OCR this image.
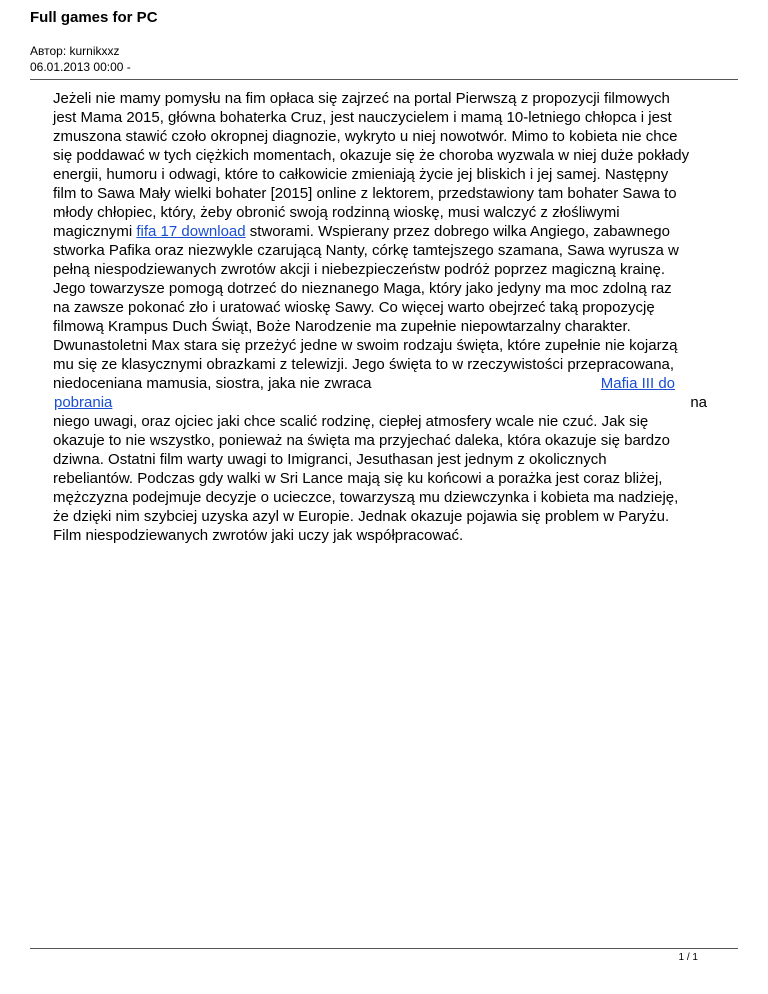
Full games for PC
Автор: kurnikxxz
06.01.2013 00:00 -
Jeżeli nie mamy pomysłu na fim opłaca się zajrzeć na portal Pierwszą z propozycji filmowych
jest Mama 2015, główna bohaterka Cruz, jest nauczycielem i mamą 10-letniego chłopca i jest
zmuszona stawić czoło okropnej diagnozie, wykryto u niej nowotwór. Mimo to kobieta nie chce
się poddawać w tych ciężkich momentach, okazuje się że choroba wyzwala w niej duże pokłady
energii, humoru i odwagi, które to całkowicie zmieniają życie jej bliskich i jej samej. Następny
film to Sawa Mały wielki bohater [2015] online z lektorem, przedstawiony tam bohater Sawa to
młody chłopiec, który, żeby obronić swoją rodzinną wioskę, musi walczyć z złośliwymi
magicznymi fifa 17 download stworami. Wspierany przez dobrego wilka Angiego, zabawnego
stworka Pafika oraz niezwykle czarującą Nanty, córkę tamtejszego szamana, Sawa wyrusza w
pełną niespodziewanych zwrotów akcji i niebezpieczeństw podróż poprzez magiczną krainę.
Jego towarzysze pomogą dotrzeć do nieznanego Maga, który jako jedyny ma moc zdolną raz
na zawsze pokonać zło i uratować wioskę Sawy. Co więcej warto obejrzeć taką propozycję
filmową Krampus Duch Świąt, Boże Narodzenie ma zupełnie niepowtarzalny charakter.
Dwunastoletni Max stara się przeżyć jedne w swoim rodzaju święta, które zupełnie nie kojarzą
mu się ze klasycznymi obrazkami z telewizji. Jego święta to w rzeczywistości przepracowana,
niedoceniana mamusia, siostra, jaka nie zwraca	Mafia III do
pobrania	na
niego uwagi, oraz ojciec jaki chce scalić rodzinę, ciepłej atmosfery wcale nie czuć. Jak się
okazuje to nie wszystko, ponieważ na święta ma przyjechać daleka, która okazuje się bardzo
dziwna. Ostatni film warty uwagi to Imigranci, Jesuthasan jest jednym z okolicznych
rebeliantów. Podczas gdy walki w Sri Lance mają się ku końcowi a porażka jest coraz bliżej,
mężczyzna podejmuje decyzje o ucieczce, towarzyszą mu dziewczynka i kobieta ma nadzieję,
że dzięki nim szybciej uzyska azyl w Europie. Jednak okazuje pojawia się problem w Paryżu.
Film niespodziewanych zwrotów jaki uczy jak współpracować.
1 / 1
